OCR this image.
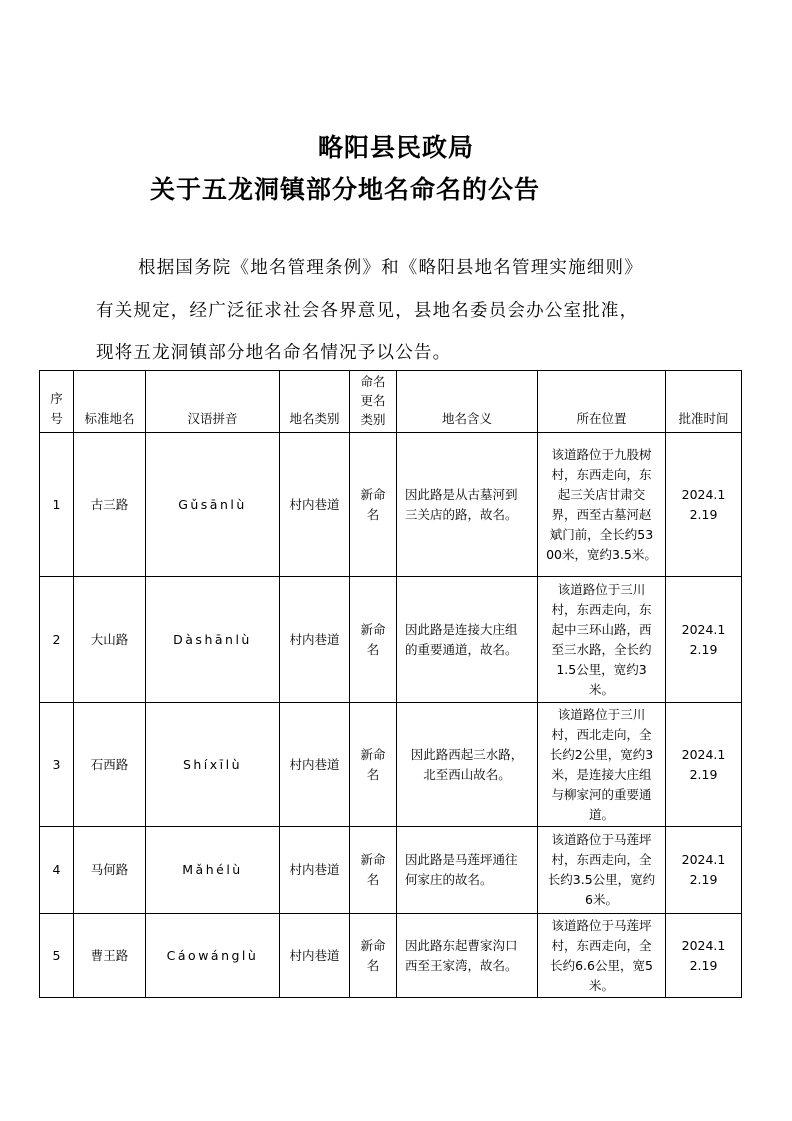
略阳县民政局
关于五龙洞镇部分地名命名的公告
根据国务院《地名管理条例》和《略阳县地名管理实施细则》
有关规定，经广泛征求社会各界意见，县地名委员会办公室批准，
现将五龙洞镇部分地名命名情况予以公告。
序号	标准地名	汉语拼音	地名类别	命名更名类别	地名含义	所在位置	批准时间
1	古三路	Gǔsānlù	村内巷道	新命名	因此路是从古墓河到三关店的路，故名。	该道路位于九股树村，东西走向，东起三关店甘肃交界，西至古墓河赵斌门前，全长约5300米，宽约3.5米。	2024.12.19
2	大山路	Dàshānlù	村内巷道	新命名	因此路是连接大庄组的重要通道，故名。	该道路位于三川村，东西走向，东起中三环山路，西至三水路，全长约1.5公里，宽约3米。	2024.12.19
3	石西路	Shíxīlù	村内巷道	新命名	因此路西起三水路，北至西山故名。	该道路位于三川村，西北走向，全长约2公里，宽约3米，是连接大庄组与柳家河的重要通道。	2024.12.19
4	马何路	Mǎhélù	村内巷道	新命名	因此路是马莲坪通往何家庄的故名。	该道路位于马莲坪村，东西走向，全长约3.5公里，宽约6米。	2024.12.19
5	曹王路	Cáowánglù	村内巷道	新命名	因此路东起曹家沟口西至王家湾，故名。	该道路位于马莲坪村，东西走向，全长约6.6公里，宽5米。	2024.12.19
